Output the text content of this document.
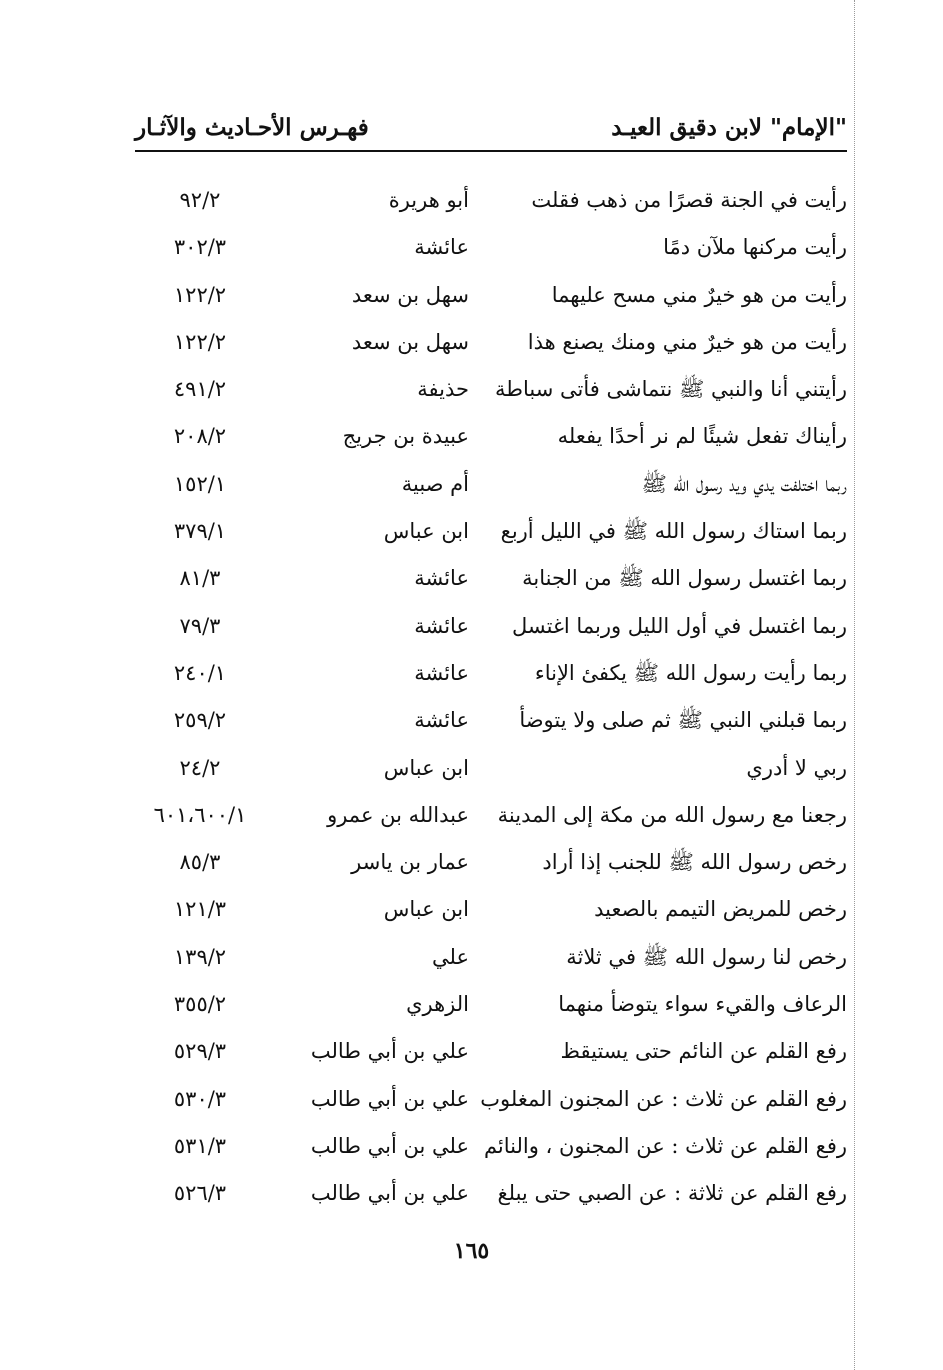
"الإمام" لابن دقيق العيـد
فهـرس الأحـاديث والآثـار
رأيت في الجنة قصرًا من ذهب فقلت
أبو هريرة
٩٢/٢
رأيت مركنها ملآن دمًا
عائشة
٣٠٢/٣
رأيت من هو خيرٌ مني مسح عليهما
سهل بن سعد
١٢٢/٢
رأيت من هو خيرٌ مني ومنك يصنع هذا
سهل بن سعد
١٢٢/٢
رأيتني أنا والنبي ﷺ نتماشى فأتى سباطة
حذيفة
٤٩١/٢
رأيناك تفعل شيئًا لم نر أحدًا يفعله
عبيدة بن جريج
٢٠٨/٢
ربما اختلفت يدي ويد رسول الله ﷺ
أم صبية
١٥٢/١
ربما استاك رسول الله ﷺ في الليل أربع
ابن عباس
٣٧٩/١
ربما اغتسل رسول الله ﷺ من الجنابة
عائشة
٨١/٣
ربما اغتسل في أول الليل وربما اغتسل
عائشة
٧٩/٣
ربما رأيت رسول الله ﷺ يكفئ الإناء
عائشة
٢٤٠/١
ربما قبلني النبي ﷺ ثم صلى ولا يتوضأ
عائشة
٢٥٩/٢
ربي لا أدري
ابن عباس
٢٤/٢
رجعنا مع رسول الله من مكة إلى المدينة
عبدالله بن عمرو
٦٠١،٦٠٠/١
رخص رسول الله ﷺ للجنب إذا أراد
عمار بن ياسر
٨٥/٣
رخص للمريض التيمم بالصعيد
ابن عباس
١٢١/٣
رخص لنا رسول الله ﷺ في ثلاثة
علي
١٣٩/٢
الرعاف والقيء سواء يتوضأ منهما
الزهري
٣٥٥/٢
رفع القلم عن النائم حتى يستيقظ
علي بن أبي طالب
٥٢٩/٣
رفع القلم عن ثلاث : عن المجنون المغلوب
علي بن أبي طالب
٥٣٠/٣
رفع القلم عن ثلاث : عن المجنون ، والنائم
علي بن أبي طالب
٥٣١/٣
رفع القلم عن ثلاثة : عن الصبي حتى يبلغ
علي بن أبي طالب
٥٢٦/٣
١٦٥
